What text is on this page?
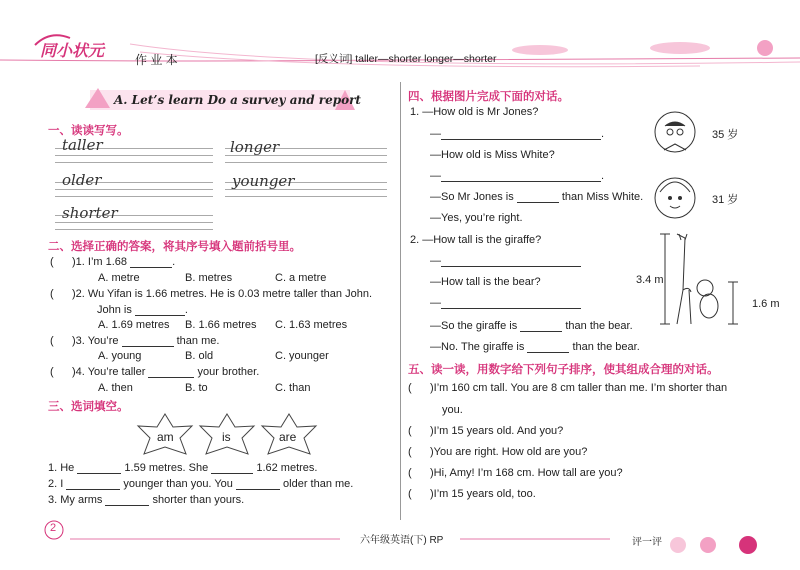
同小状元	作 业 本	[反义词] taller—shorter longer—shorter
A. Let’s learn Do a survey and report
一、读读写写。
taller	longer
older	younger
shorter
二、选择正确的答案，将其序号填入题前括号里。
(      )1. I’m 1.68	.
A. metre	B. metres	C. a metre
(      )2. Wu Yifan is 1.66 metres. He is 0.03 metre taller than John.
John is	.
A. 1.69 metres B. 1.66 metres C. 1.63 metres
(      )3. You’re	than me.
A. young	B. old	C. younger
(      )4. You’re taller	your brother.
A. then	B. to	C. than
三、选词填空。
am	is	are
1. He	1.59 metres. She	1.62 metres.
2. I	younger than you. You	older than me.
3. My arms	shorter than yours.
四、根据图片完成下面的对话。
1. —How old is Mr Jones?
—	.
—How old is Miss White?
—	.
—So Mr Jones is	than Miss White.
—Yes, you’re right.
35 岁
31 岁
2. —How tall is the giraffe?
—
—How tall is the bear?
—
—So the giraffe is	than the bear.
—No. The giraffe is	than the bear.
3.4 m
1.6 m
五、读一读，用数字给下列句子排序，使其组成合理的对话。
(      )I’m 160 cm tall. You are 8 cm taller than me. I’m shorter than
you.
(      )I’m 15 years old. And you?
(      )You are right. How old are you?
(      )Hi, Amy! I’m 168 cm. How tall are you?
(      )I’m 15 years old, too.
2
六年级英语(下) RP	评一评
